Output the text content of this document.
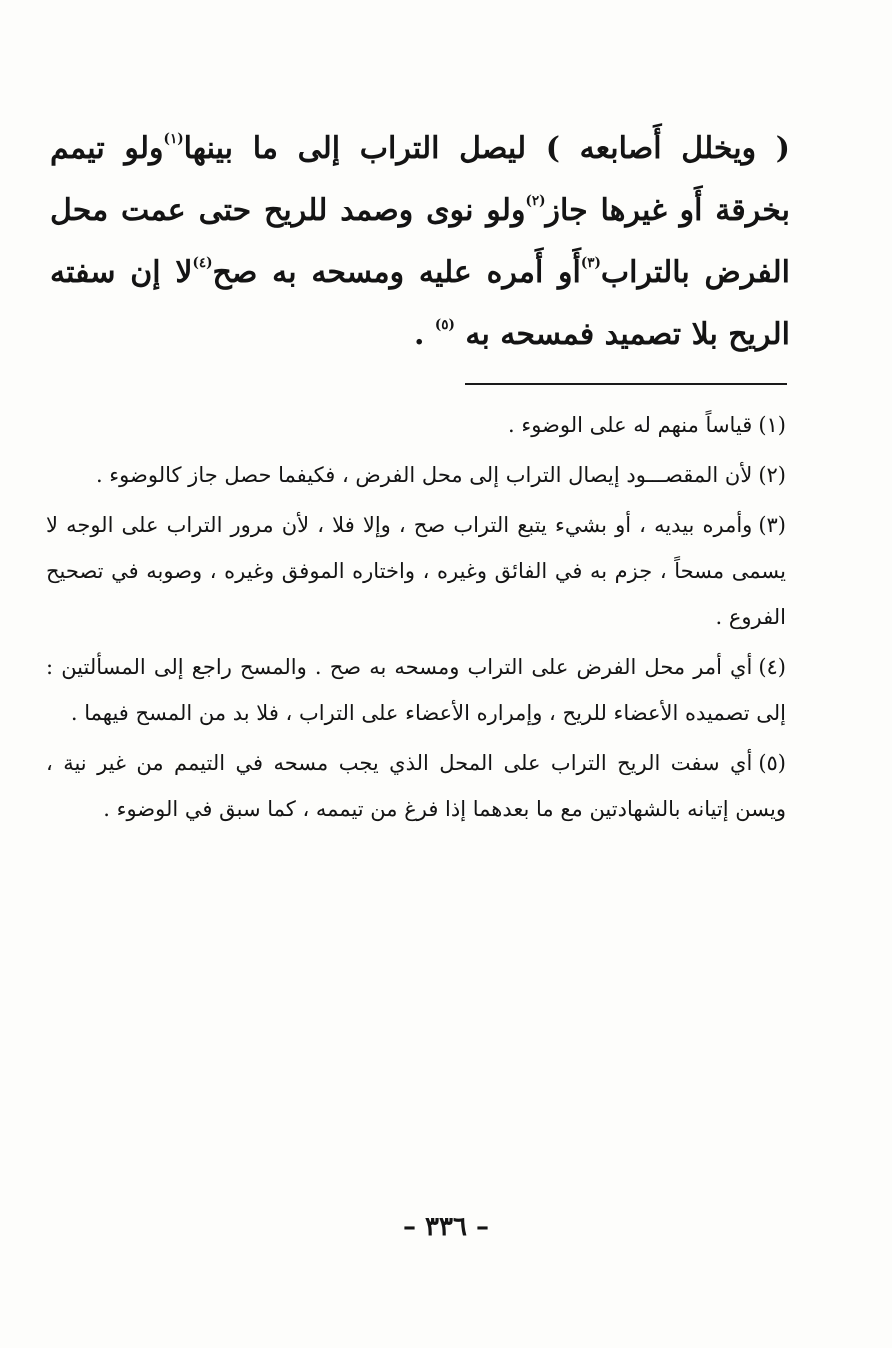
( ويخلل أَصابعه ) ليصل التراب إلى ما بينها$^{(١)}$ولو تيمم بخرقة أَو غيرها جاز$^{(٢)}$ولو نوى وصمد للريح حتى عمت محل الفرض بالتراب$^{(٣)}$أَو أَمره عليه ومسحه به صح$^{(٤)}$لا إن سفته الريح بلا تصميد فمسحه به $^{(٥)}$ .

(١)قياساً منهم له على الوضوء .

(٢)لأن المقصـــود إيصال التراب إلى محل الفرض ، فكيفما حصل جاز كالوضوء .

(٣)وأمره بيديه ، أو بشيء يتبع التراب صح ، وإلا فلا ، لأن مرور التراب على الوجه لا يسمى مسحاً ، جزم به في الفائق وغيره ، واختاره الموفق وغيره ، وصوبه في تصحيح الفروع .

(٤)أي أمر محل الفرض على التراب ومسحه به صح . والمسح راجع إلى المسألتين : إلى تصميده الأعضاء للريح ، وإمراره الأعضاء على التراب ، فلا بد من المسح فيهما .

(٥)أي سفت الريح التراب على المحل الذي يجب مسحه في التيمم من غير نية ، ويسن إتيانه بالشهادتين مع ما بعدهما إذا فرغ من تيممه ، كما سبق في الوضوء .

– ٣٣٦ –
